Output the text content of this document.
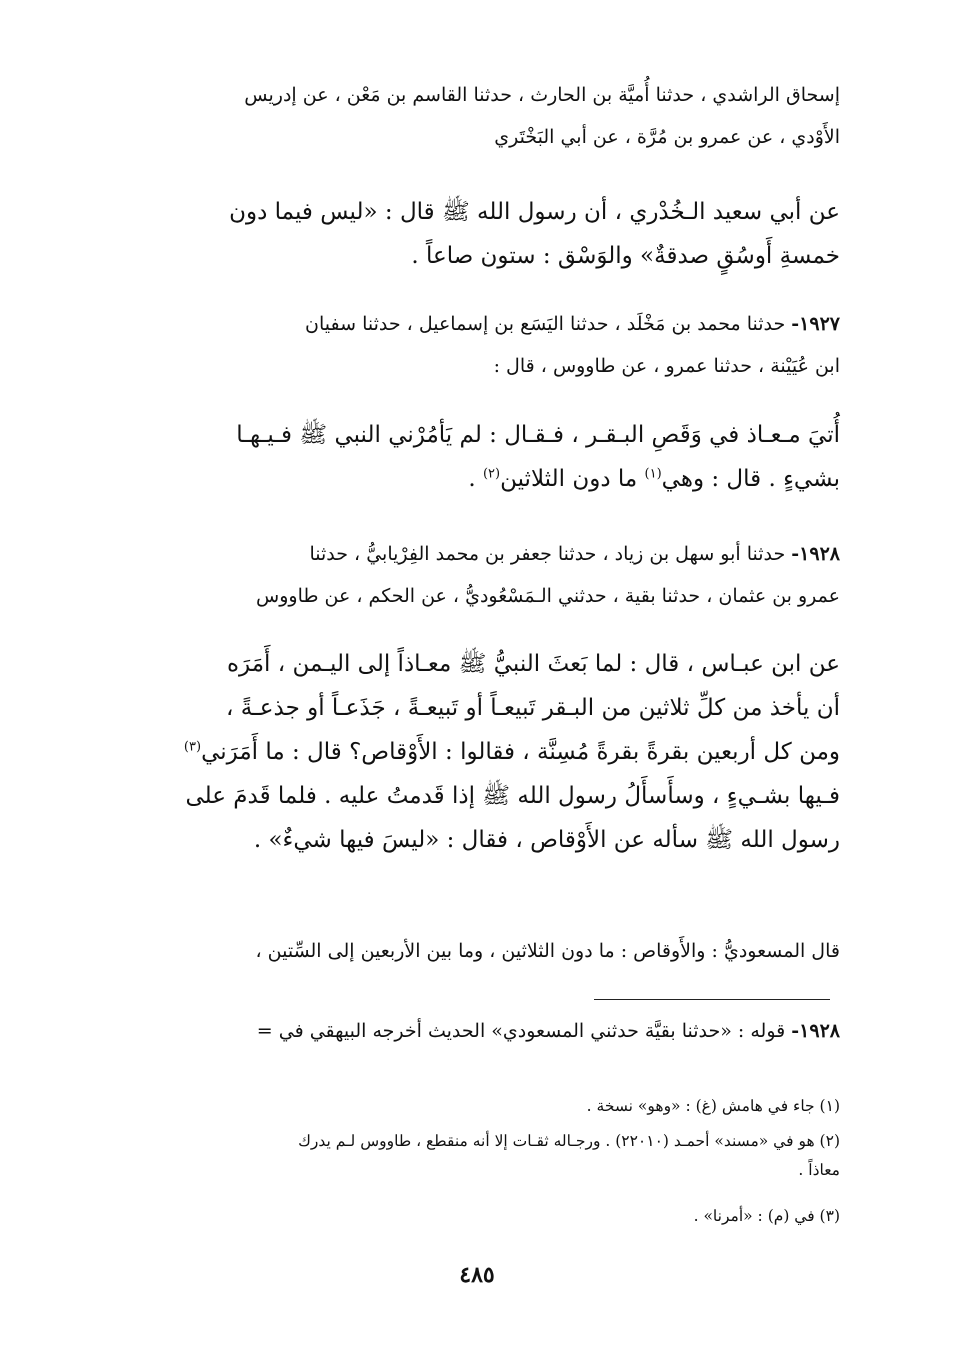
إسحاق الراشدي ، حدثنا أُميَّة بن الحارث ، حدثنا القاسم بن مَعْن ، عن إدريس
الأَوْدي ، عن عمرو بن مُرَّة ، عن أبي البَخْتَري

عن أبي سعيد الـخُدْري ، أن رسول الله ﷺ قال : «ليس فيما دون
خمسةِ أَوسُقٍ صدقةٌ» والوَسْق : ستون صاعاً .

١٩٢٧- حدثنا محمد بن مَخْلَد ، حدثنا اليَسَع بن إسماعيل ، حدثنا سفيان
ابن عُيَيْنة ، حدثنا عمرو ، عن طاووس ، قال :

أُتيَ مـعـاذ في وَقَصِ البـقـر ، فـقـال : لم يَأمُرْني النبي ﷺ فـيـهـا
بشيءٍ . قال : وهي$^{(١)}$ ما دون الثلاثين$^{(٢)}$ .

١٩٢٨- حدثنا أبو سهل بن زياد ، حدثنا جعفر بن محمد الفِرْيابيُّ ، حدثنا
عمرو بن عثمان ، حدثنا بقية ، حدثني الـمَسْعُوديُّ ، عن الحكم ، عن طاووس

عن ابن عبـاس ، قال : لما بَعثَ النبيُّ ﷺ معـاذاً إلى اليـمن ، أَمَرَه
أن يأخذ من كلِّ ثلاثين من البـقر تَبيعـاً أو تَبيعـةً ، جَذَعـاً أو جذعـةً ،
ومن كل أربعين بقرةً بقرةً مُسِنَّة ، فقالوا : الأَوْقاص؟ قال : ما أَمَرَني$^{(٣)}$
فـيها بشـيءٍ ، وسأَسأَلُ رسول الله ﷺ إذا قَدمتُ عليه . فلما قَدمَ على
رسول الله ﷺ سأله عن الأَوْقاص ، فقال : «ليسَ فيها شيءٌ» .

قال المسعوديُّ : والأَوقاص : ما دون الثلاثين ، وما بين الأربعين إلى السِّتين ،

١٩٢٨- قوله : «حدثنا بقيَّة حدثني المسعودي» الحديث أخرجه البيهقي في =

(١) جاء في هامش (غ) : «وهو» نسخة .

(٢) هو في «مسند» أحمـد (٢٢٠١٠) . ورجـاله ثقـات إلا أنه منقطع ، طاووس لـم يدرك
معاذاً .

(٣) في (م) : «أمرنا» .

٤٨٥
